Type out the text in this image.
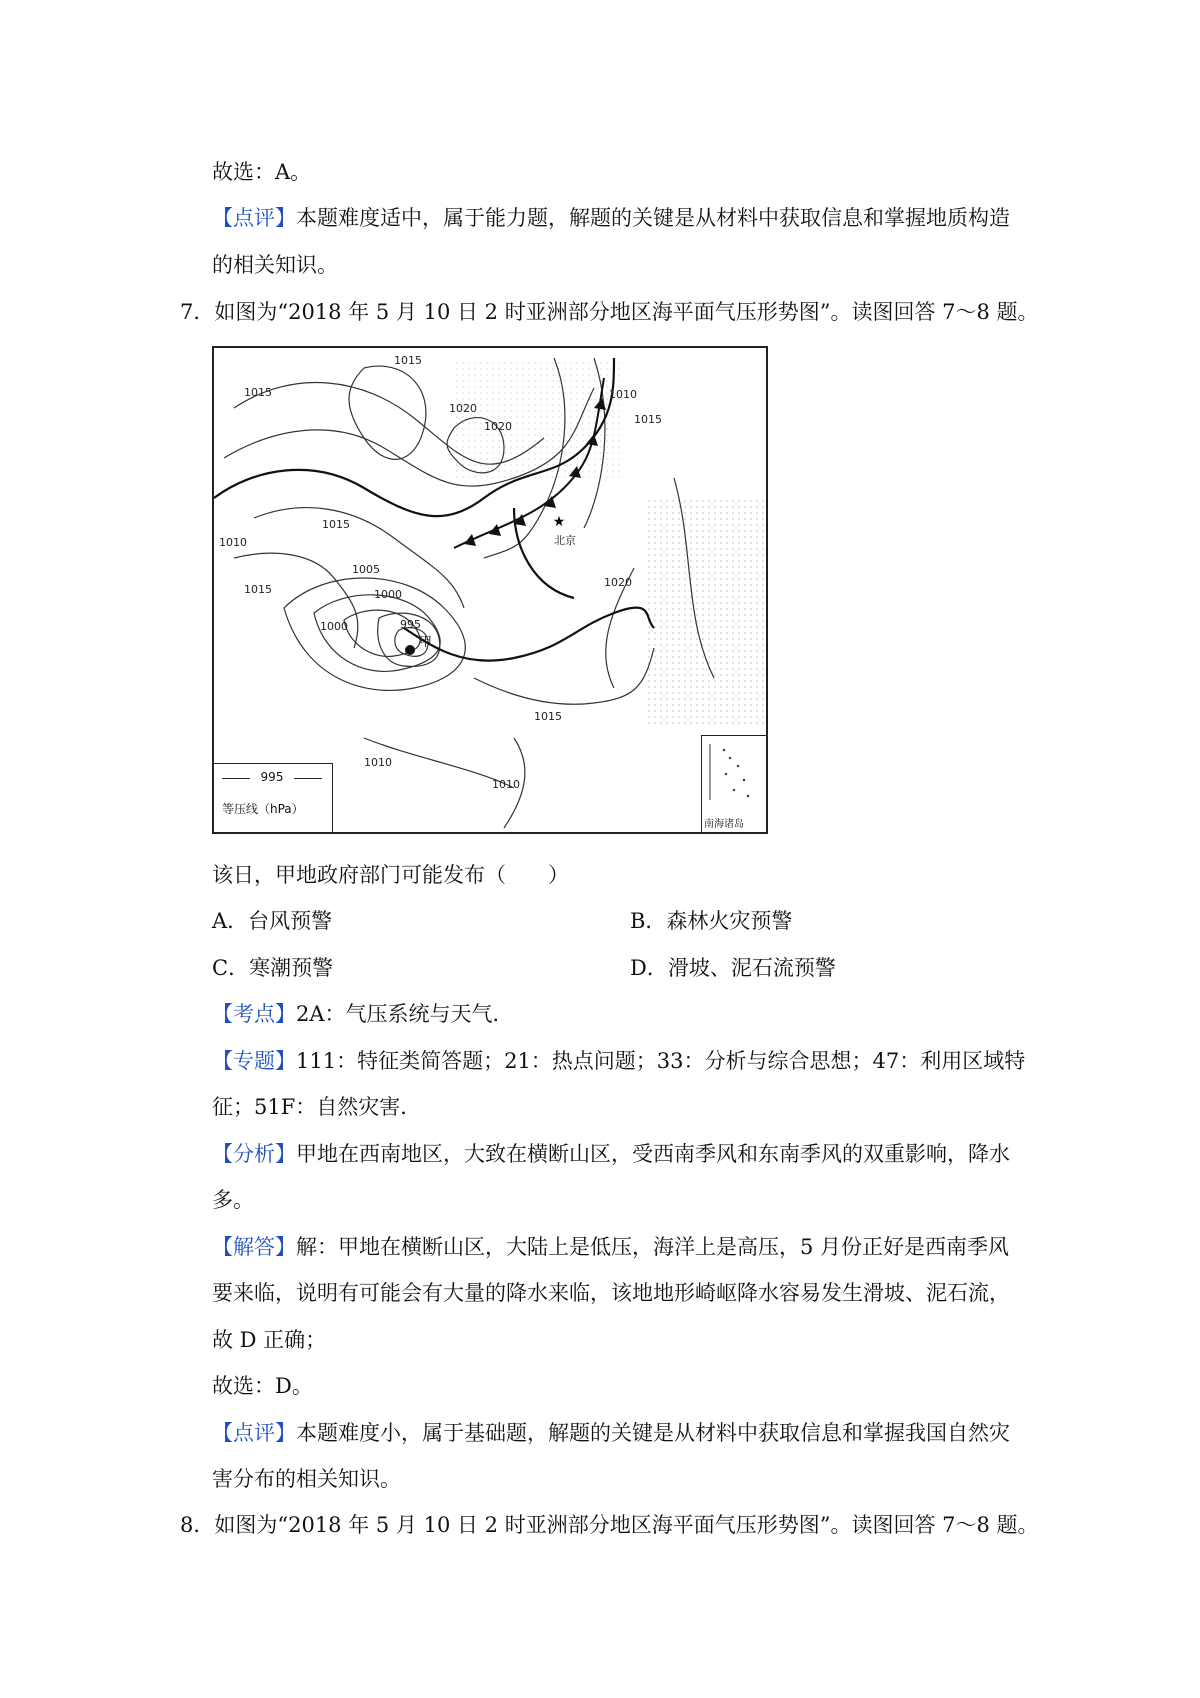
故选：A。
【点评】本题难度适中，属于能力题，解题的关键是从材料中获取信息和掌握地质构造
的相关知识。
7．如图为“2018 年 5 月 10 日 2 时亚洲部分地区海平面气压形势图”。读图回答 7～8 题。
★
北京
甲
1015
1015
1020
1020
1010
1015
1015
1010
1015	1000
1005
1000	995
1020
1015
1010
1010
995
等压线（hPa）
南海诸岛
该日，甲地政府部门可能发布（　　）
A．台风预警	B．森林火灾预警
C．寒潮预警	D．滑坡、泥石流预警
【考点】2A：气压系统与天气．
【专题】111：特征类简答题；21：热点问题；33：分析与综合思想；47：利用区域特
征；51F：自然灾害．
【分析】甲地在西南地区，大致在横断山区，受西南季风和东南季风的双重影响，降水
多。
【解答】解：甲地在横断山区，大陆上是低压，海洋上是高压，5 月份正好是西南季风
要来临，说明有可能会有大量的降水来临，该地地形崎岖降水容易发生滑坡、泥石流，
故 D 正确；
故选：D。
【点评】本题难度小，属于基础题，解题的关键是从材料中获取信息和掌握我国自然灾
害分布的相关知识。
8．如图为“2018 年 5 月 10 日 2 时亚洲部分地区海平面气压形势图”。读图回答 7～8 题。
